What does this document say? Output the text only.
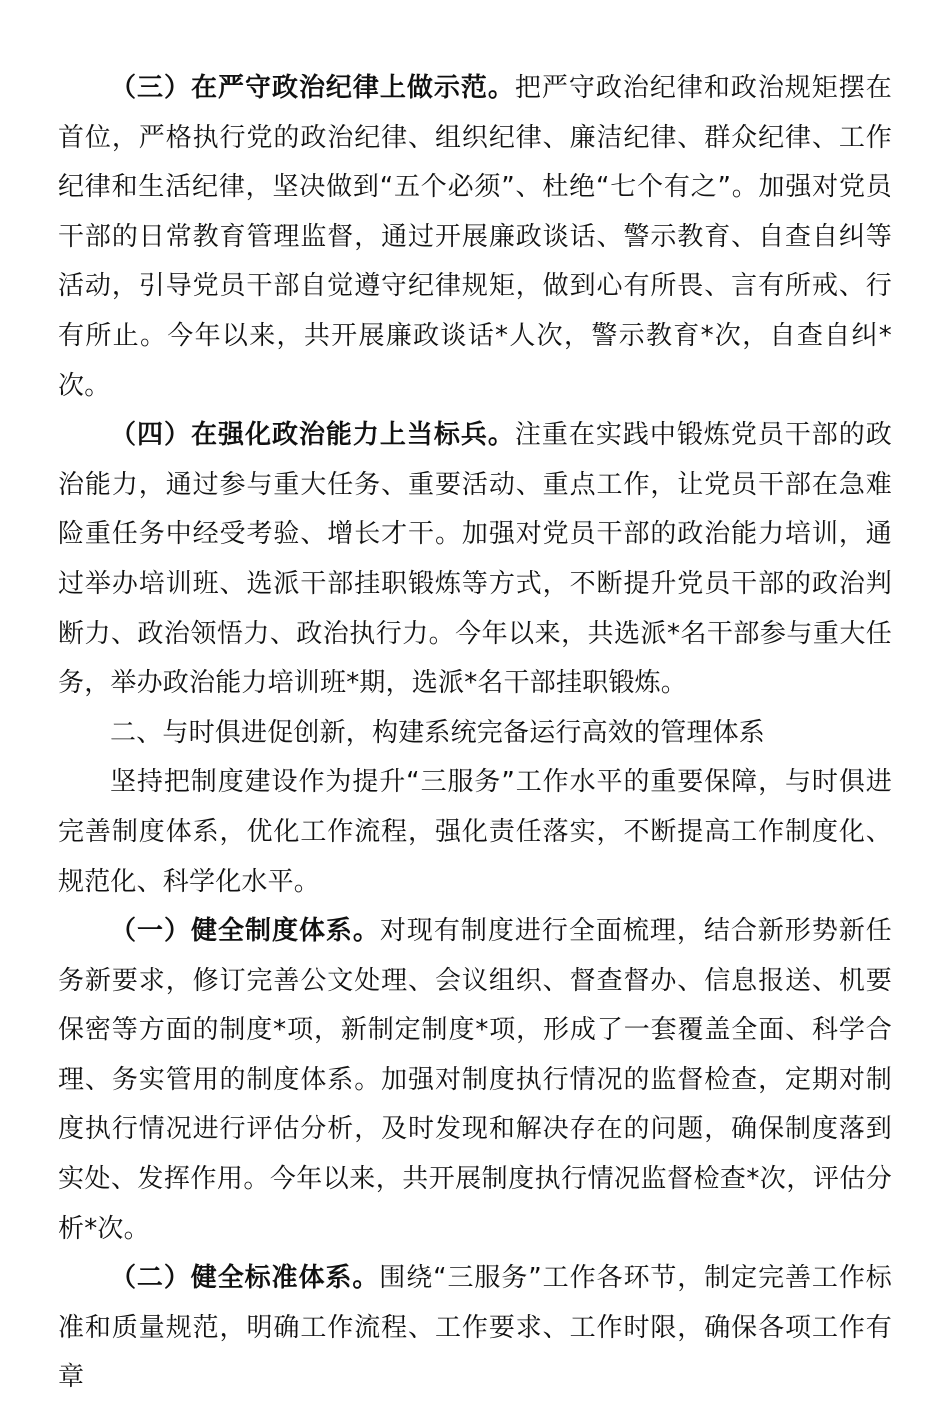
（三）在严守政治纪律上做示范。把严守政治纪律和政治规矩摆在首位，严格执行党的政治纪律、组织纪律、廉洁纪律、群众纪律、工作纪律和生活纪律，坚决做到“五个必须”、杜绝“七个有之”。加强对党员干部的日常教育管理监督，通过开展廉政谈话、警示教育、自查自纠等活动，引导党员干部自觉遵守纪律规矩，做到心有所畏、言有所戒、行有所止。今年以来，共开展廉政谈话*人次，警示教育*次，自查自纠*次。

（四）在强化政治能力上当标兵。注重在实践中锻炼党员干部的政治能力，通过参与重大任务、重要活动、重点工作，让党员干部在急难险重任务中经受考验、增长才干。加强对党员干部的政治能力培训，通过举办培训班、选派干部挂职锻炼等方式，不断提升党员干部的政治判断力、政治领悟力、政治执行力。今年以来，共选派*名干部参与重大任务，举办政治能力培训班*期，选派*名干部挂职锻炼。

二、与时俱进促创新，构建系统完备运行高效的管理体系

坚持把制度建设作为提升“三服务”工作水平的重要保障，与时俱进完善制度体系，优化工作流程，强化责任落实，不断提高工作制度化、规范化、科学化水平。

（一）健全制度体系。对现有制度进行全面梳理，结合新形势新任务新要求，修订完善公文处理、会议组织、督查督办、信息报送、机要保密等方面的制度*项，新制定制度*项，形成了一套覆盖全面、科学合理、务实管用的制度体系。加强对制度执行情况的监督检查，定期对制度执行情况进行评估分析，及时发现和解决存在的问题，确保制度落到实处、发挥作用。今年以来，共开展制度执行情况监督检查*次，评估分析*次。

（二）健全标准体系。围绕“三服务”工作各环节，制定完善工作标准和质量规范，明确工作流程、工作要求、工作时限，确保各项工作有章
